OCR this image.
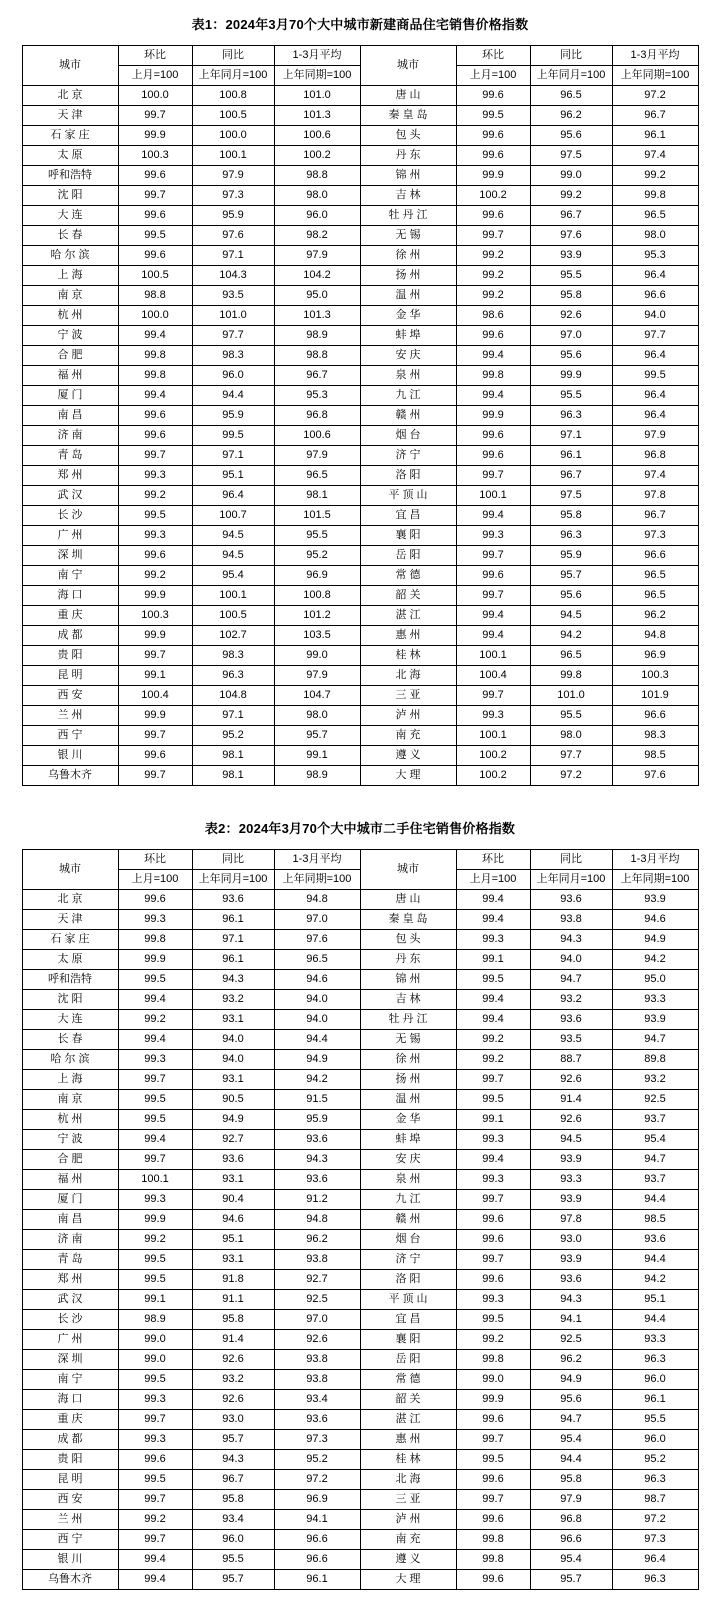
表1：2024年3月70个大中城市新建商品住宅销售价格指数
城市	环比	同比	1-3月平均	城市	环比	同比	1-3月平均
	上月=100	上年同月=100	上年同期=100		上月=100	上年同月=100	上年同期=100
北 京	100.0	100.8	101.0	唐 山	99.6	96.5	97.2
天 津	99.7	100.5	101.3	秦 皇 岛	99.5	96.2	96.7
石 家 庄	99.9	100.0	100.6	包 头	99.6	95.6	96.1
太 原	100.3	100.1	100.2	丹 东	99.6	97.5	97.4
呼和浩特	99.6	97.9	98.8	锦 州	99.9	99.0	99.2
沈 阳	99.7	97.3	98.0	吉 林	100.2	99.2	99.8
大 连	99.6	95.9	96.0	牡 丹 江	99.6	96.7	96.5
长 春	99.5	97.6	98.2	无 锡	99.7	97.6	98.0
哈 尔 滨	99.6	97.1	97.9	徐 州	99.2	93.9	95.3
上 海	100.5	104.3	104.2	扬 州	99.2	95.5	96.4
南 京	98.8	93.5	95.0	温 州	99.2	95.8	96.6
杭 州	100.0	101.0	101.3	金 华	98.6	92.6	94.0
宁 波	99.4	97.7	98.9	蚌 埠	99.6	97.0	97.7
合 肥	99.8	98.3	98.8	安 庆	99.4	95.6	96.4
福 州	99.8	96.0	96.7	泉 州	99.8	99.9	99.5
厦 门	99.4	94.4	95.3	九 江	99.4	95.5	96.4
南 昌	99.6	95.9	96.8	赣 州	99.9	96.3	96.4
济 南	99.6	99.5	100.6	烟 台	99.6	97.1	97.9
青 岛	99.7	97.1	97.9	济 宁	99.6	96.1	96.8
郑 州	99.3	95.1	96.5	洛 阳	99.7	96.7	97.4
武 汉	99.2	96.4	98.1	平 顶 山	100.1	97.5	97.8
长 沙	99.5	100.7	101.5	宜 昌	99.4	95.8	96.7
广 州	99.3	94.5	95.5	襄 阳	99.3	96.3	97.3
深 圳	99.6	94.5	95.2	岳 阳	99.7	95.9	96.6
南 宁	99.2	95.4	96.9	常 德	99.6	95.7	96.5
海 口	99.9	100.1	100.8	韶 关	99.7	95.6	96.5
重 庆	100.3	100.5	101.2	湛 江	99.4	94.5	96.2
成 都	99.9	102.7	103.5	惠 州	99.4	94.2	94.8
贵 阳	99.7	98.3	99.0	桂 林	100.1	96.5	96.9
昆 明	99.1	96.3	97.9	北 海	100.4	99.8	100.3
西 安	100.4	104.8	104.7	三 亚	99.7	101.0	101.9
兰 州	99.9	97.1	98.0	泸 州	99.3	95.5	96.6
西 宁	99.7	95.2	95.7	南 充	100.1	98.0	98.3
银 川	99.6	98.1	99.1	遵 义	100.2	97.7	98.5
乌鲁木齐	99.7	98.1	98.9	大 理	100.2	97.2	97.6
表2：2024年3月70个大中城市二手住宅销售价格指数
城市	环比	同比	1-3月平均	城市	环比	同比	1-3月平均
	上月=100	上年同月=100	上年同期=100		上月=100	上年同月=100	上年同期=100
北 京	99.6	93.6	94.8	唐 山	99.4	93.6	93.9
天 津	99.3	96.1	97.0	秦 皇 岛	99.4	93.8	94.6
石 家 庄	99.8	97.1	97.6	包 头	99.3	94.3	94.9
太 原	99.9	96.1	96.5	丹 东	99.1	94.0	94.2
呼和浩特	99.5	94.3	94.6	锦 州	99.5	94.7	95.0
沈 阳	99.4	93.2	94.0	吉 林	99.4	93.2	93.3
大 连	99.2	93.1	94.0	牡 丹 江	99.4	93.6	93.9
长 春	99.4	94.0	94.4	无 锡	99.2	93.5	94.7
哈 尔 滨	99.3	94.0	94.9	徐 州	99.2	88.7	89.8
上 海	99.7	93.1	94.2	扬 州	99.7	92.6	93.2
南 京	99.5	90.5	91.5	温 州	99.5	91.4	92.5
杭 州	99.5	94.9	95.9	金 华	99.1	92.6	93.7
宁 波	99.4	92.7	93.6	蚌 埠	99.3	94.5	95.4
合 肥	99.7	93.6	94.3	安 庆	99.4	93.9	94.7
福 州	100.1	93.1	93.6	泉 州	99.3	93.3	93.7
厦 门	99.3	90.4	91.2	九 江	99.7	93.9	94.4
南 昌	99.9	94.6	94.8	赣 州	99.6	97.8	98.5
济 南	99.2	95.1	96.2	烟 台	99.6	93.0	93.6
青 岛	99.5	93.1	93.8	济 宁	99.7	93.9	94.4
郑 州	99.5	91.8	92.7	洛 阳	99.6	93.6	94.2
武 汉	99.1	91.1	92.5	平 顶 山	99.3	94.3	95.1
长 沙	98.9	95.8	97.0	宜 昌	99.5	94.1	94.4
广 州	99.0	91.4	92.6	襄 阳	99.2	92.5	93.3
深 圳	99.0	92.6	93.8	岳 阳	99.8	96.2	96.3
南 宁	99.5	93.2	93.8	常 德	99.0	94.9	96.0
海 口	99.3	92.6	93.4	韶 关	99.9	95.6	96.1
重 庆	99.7	93.0	93.6	湛 江	99.6	94.7	95.5
成 都	99.3	95.7	97.3	惠 州	99.7	95.4	96.0
贵 阳	99.6	94.3	95.2	桂 林	99.5	94.4	95.2
昆 明	99.5	96.7	97.2	北 海	99.6	95.8	96.3
西 安	99.7	95.8	96.9	三 亚	99.7	97.9	98.7
兰 州	99.2	93.4	94.1	泸 州	99.6	96.8	97.2
西 宁	99.7	96.0	96.6	南 充	99.8	96.6	97.3
银 川	99.4	95.5	96.6	遵 义	99.8	95.4	96.4
乌鲁木齐	99.4	95.7	96.1	大 理	99.6	95.7	96.3
